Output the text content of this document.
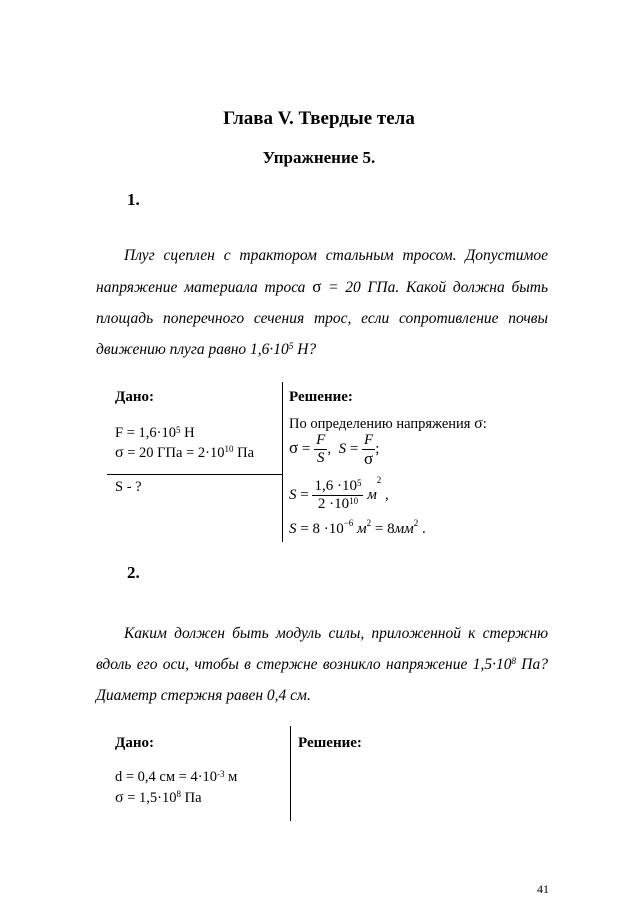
Глава V. Твердые тела
Упражнение 5.
1.
Плуг сцеплен с трактором стальным тросом. Допустимое напряжение материала троса σ = 20 ГПа. Какой должна быть площадь поперечного сечения трос, если сопротивление почвы движению плуга равно $1,6\cdot 10^5$ Н?
Дано:
$F = 1,6\cdot 10^5$ Н
σ = 20 ГПа = $2\cdot 10^{10}$ Па
S - ?
Решение:
По определению напряжения σ:
$\sigma = \frac{F}{S}$ ,  $S = \frac{F}{\sigma}$ ;
$S = \frac{1,6 \cdot 10^5}{2 \cdot 10^{10}} м^2$ ,
$S = 8 \cdot 10^{-6}$ $м^2 = 8мм^2$ .
2.
Каким должен быть модуль силы, приложенной к стержню вдоль его оси, чтобы в стержне возникло напряжение $1,5\cdot 10^8$ Па? Диаметр стержня равен 0,4 см.
Дано:
d = 0,4 см = $4\cdot 10^{-3}$ м
$\sigma = 1,5\cdot 10^8$ Па
Решение:
41
